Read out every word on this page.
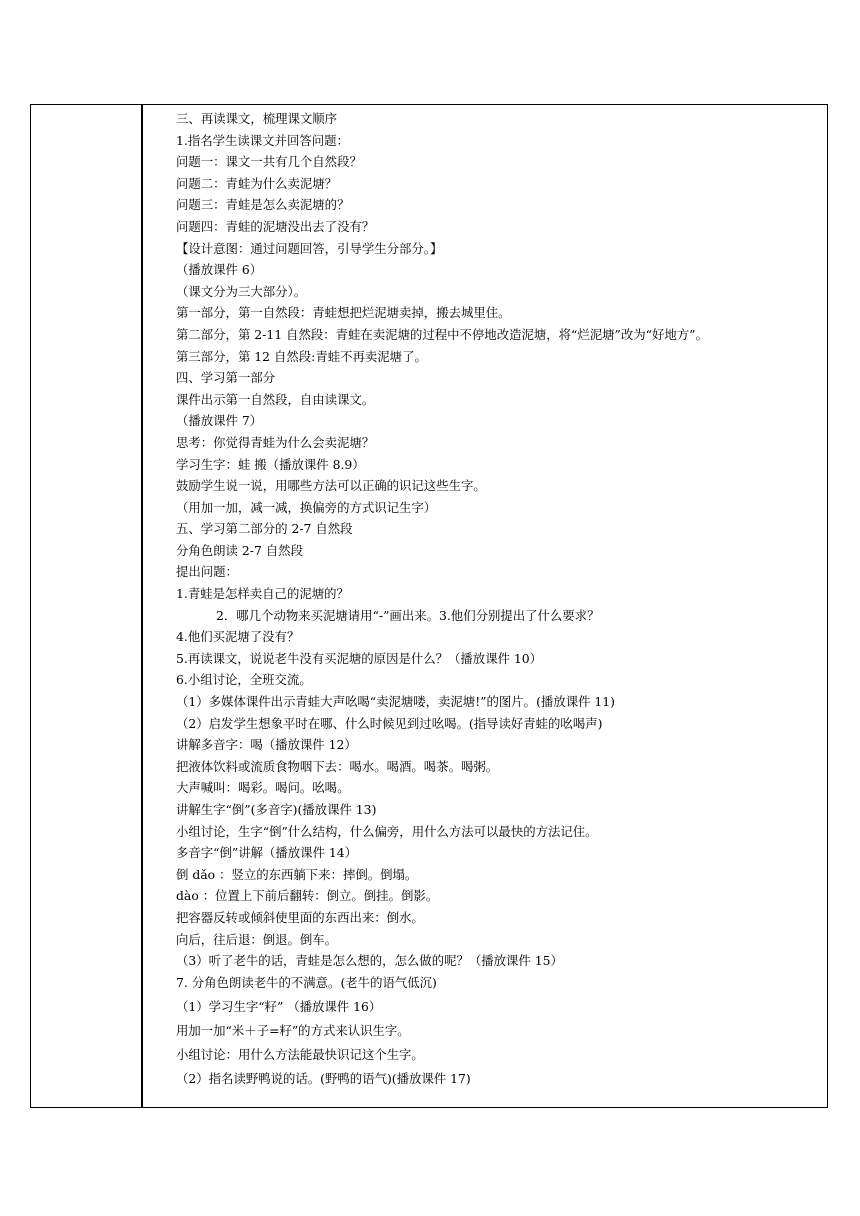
三、再读课文，梳理课文顺序
1.指名学生读课文并回答问题：
问题一：课文一共有几个自然段？
问题二：青蛙为什么卖泥塘？
问题三：青蛙是怎么卖泥塘的？
问题四：青蛙的泥塘没出去了没有？
【设计意图：通过问题回答，引导学生分部分。】
（播放课件 6）
（课文分为三大部分）。
第一部分，第一自然段：青蛙想把烂泥塘卖掉，搬去城里住。
第二部分，第 2-11 自然段：青蛙在卖泥塘的过程中不停地改造泥塘，将“烂泥塘”改为“好地方”。
第三部分，第 12 自然段:青蛙不再卖泥塘了。
四、学习第一部分
课件出示第一自然段，自由读课文。
（播放课件 7）
思考：你觉得青蛙为什么会卖泥塘？
学习生字：蛙 搬（播放课件 8.9）
鼓励学生说一说，用哪些方法可以正确的识记这些生字。
（用加一加，减一减，换偏旁的方式识记生字）
五、学习第二部分的 2-7 自然段
分角色朗读 2-7 自然段
提出问题：
1.青蛙是怎样卖自己的泥塘的？
2．哪几个动物来买泥塘请用“-”画出来。3.他们分别提出了什么要求？
4.他们买泥塘了没有？
5.再读课文，说说老牛没有买泥塘的原因是什么？（播放课件 10）
6.小组讨论，全班交流。
（1）多媒体课件出示青蛙大声吆喝“卖泥塘喽，卖泥塘!”的图片。(播放课件 11)
（2）启发学生想象平时在哪、什么时候见到过吆喝。(指导读好青蛙的吆喝声)
讲解多音字：喝（播放课件 12）
把液体饮料或流质食物咽下去：喝水。喝酒。喝茶。喝粥。
大声喊叫：喝彩。喝问。吆喝。
讲解生字“倒”(多音字)(播放课件 13)
小组讨论，生字“倒”什么结构，什么偏旁，用什么方法可以最快的方法记住。
多音字“倒”讲解（播放课件 14）
倒 dǎo ：竖立的东西躺下来：摔倒。倒塌。
dào ：位置上下前后翻转：倒立。倒挂。倒影。
把容器反转或倾斜使里面的东西出来：倒水。
向后，往后退：倒退。倒车。
（3）听了老牛的话，青蛙是怎么想的，怎么做的呢？（播放课件 15）
7. 分角色朗读老牛的不满意。(老牛的语气低沉)
（1）学习生字“籽” （播放课件 16）
用加一加“米＋子=籽”的方式来认识生字。
小组讨论：用什么方法能最快识记这个生字。
（2）指名读野鸭说的话。(野鸭的语气)(播放课件 17)
